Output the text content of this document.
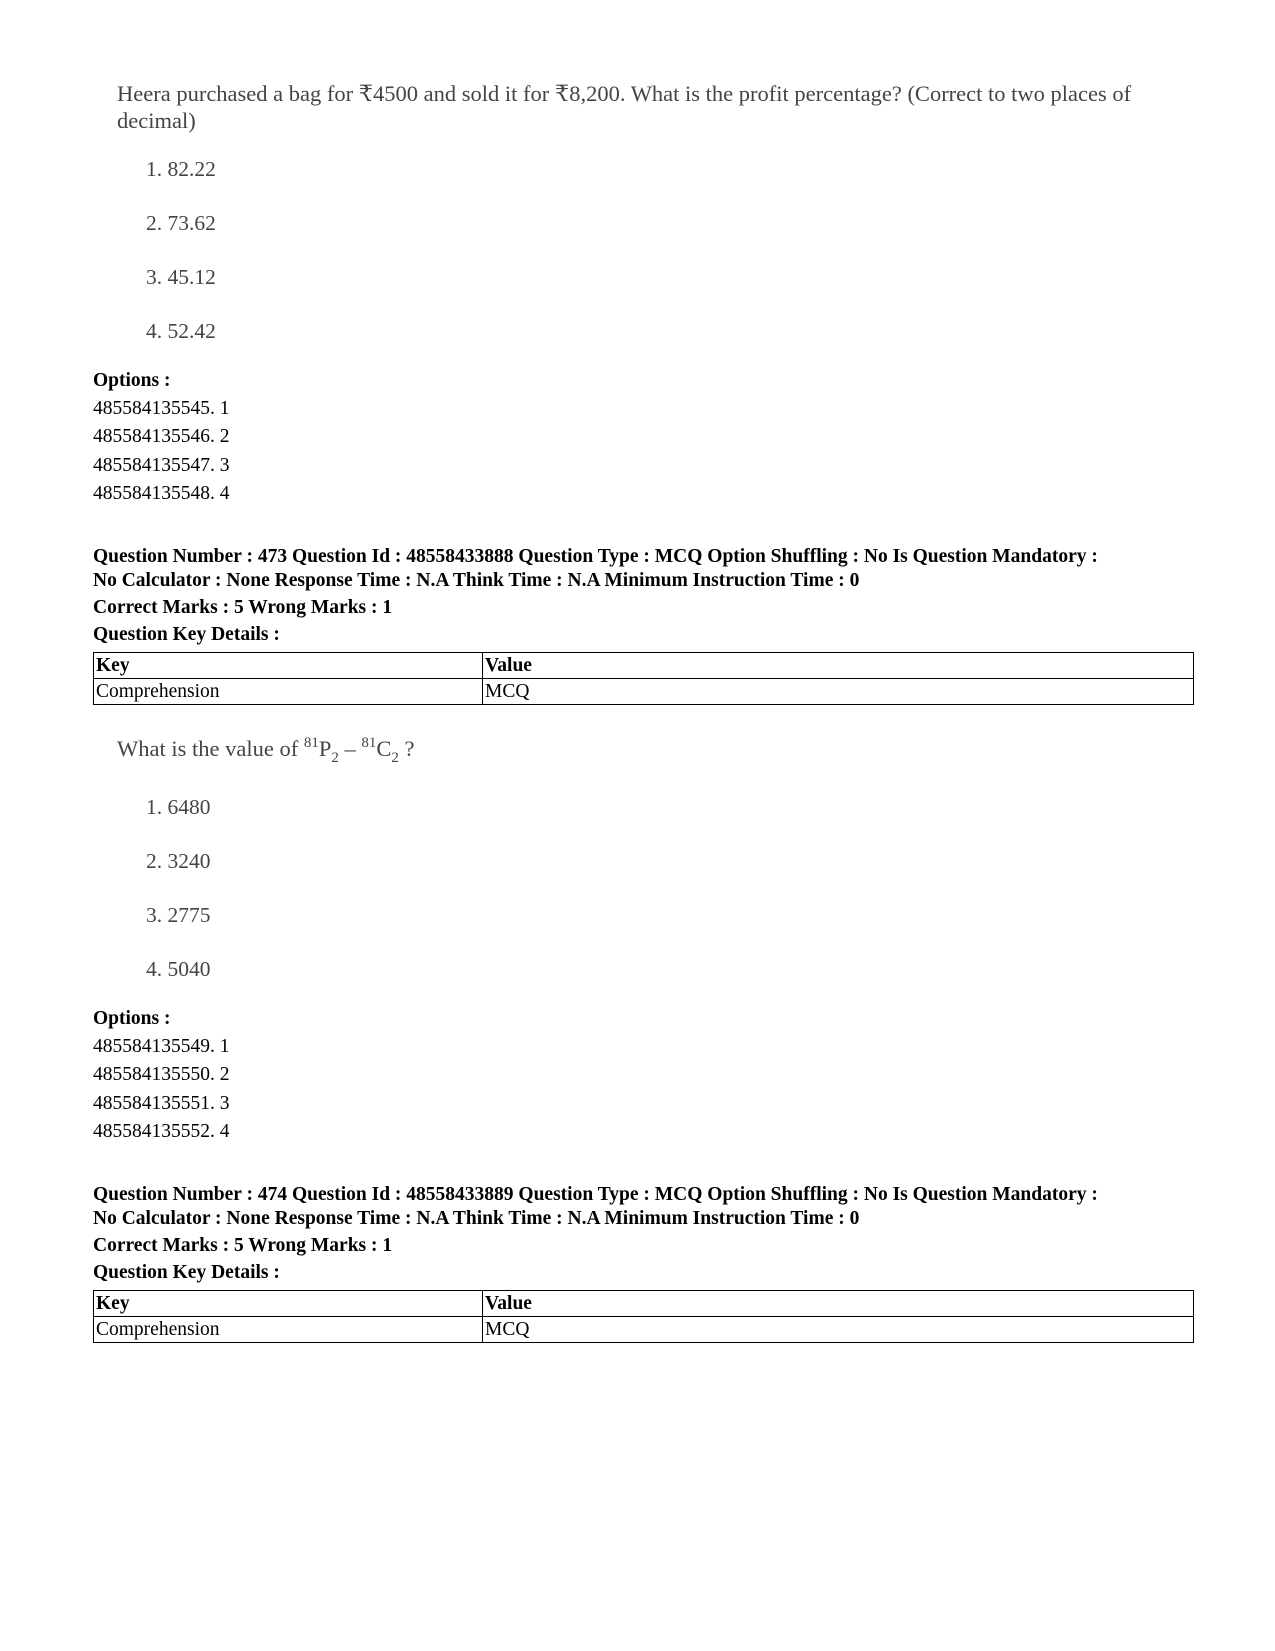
Heera purchased a bag for ₹4500 and sold it for ₹8,200. What is the profit percentage? (Correct to two places of decimal)
1. 82.22
2. 73.62
3. 45.12
4. 52.42
Options :
485584135545. 1
485584135546. 2
485584135547. 3
485584135548. 4
Question Number : 473 Question Id : 48558433888 Question Type : MCQ Option Shuffling : No Is Question Mandatory :
No Calculator : None Response Time : N.A Think Time : N.A Minimum Instruction Time : 0
Correct Marks : 5 Wrong Marks : 1
Question Key Details :
Key	Value
Comprehension	MCQ
What is the value of $^{81}P_2 - ^{81}C_2$ ?
1. 6480
2. 3240
3. 2775
4. 5040
Options :
485584135549. 1
485584135550. 2
485584135551. 3
485584135552. 4
Question Number : 474 Question Id : 48558433889 Question Type : MCQ Option Shuffling : No Is Question Mandatory :
No Calculator : None Response Time : N.A Think Time : N.A Minimum Instruction Time : 0
Correct Marks : 5 Wrong Marks : 1
Question Key Details :
Key	Value
Comprehension	MCQ
